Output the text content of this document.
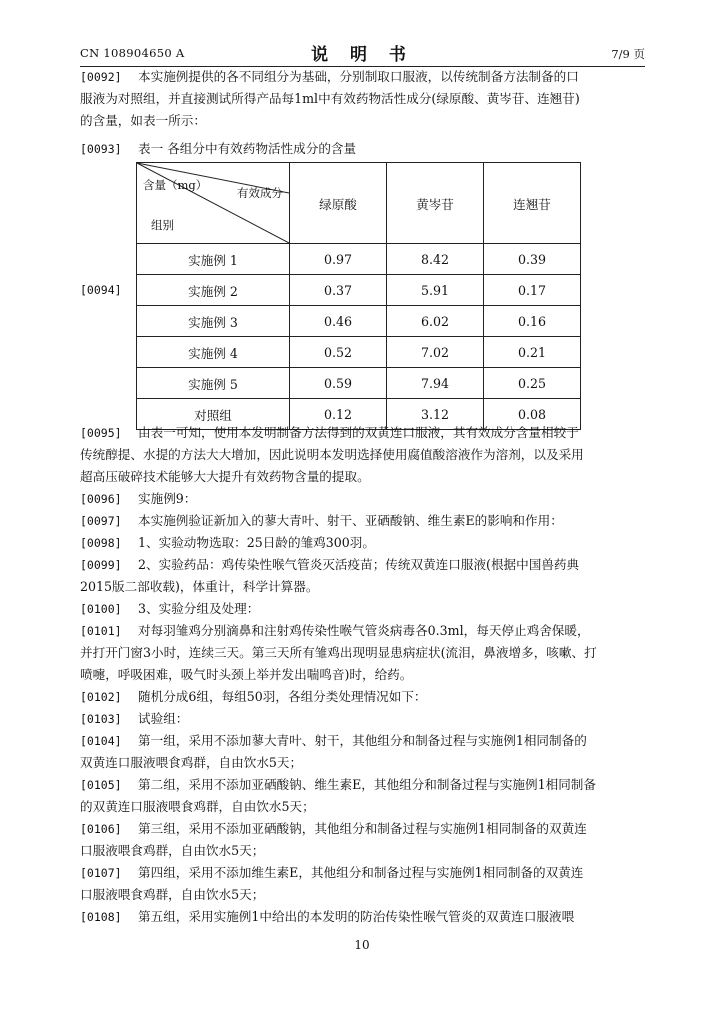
CN 108904650 A	说 明 书	7/9 页
[0092]	本实施例提供的各不同组分为基础，分别制取口服液，以传统制备方法制备的口
服液为对照组，并直接测试所得产品每1ml中有效药物活性成分(绿原酸、黄岑苷、连翘苷)
的含量，如表一所示：
[0093]	表一 各组分中有效药物活性成分的含量
[0094]
含量（mg）
有效成分
组别	绿原酸	黄岑苷	连翘苷
实施例 1	0.97	8.42	0.39
实施例 2	0.37	5.91	0.17
实施例 3	0.46	6.02	0.16
实施例 4	0.52	7.02	0.21
实施例 5	0.59	7.94	0.25
对照组	0.12	3.12	0.08
[0095]	由表一可知，使用本发明制备方法得到的双黄连口服液，其有效成分含量相较于
传统醇提、水提的方法大大增加，因此说明本发明选择使用腐值酸溶液作为溶剂，以及采用
超高压破碎技术能够大大提升有效药物含量的提取。
[0096]	实施例9：
[0097]	本实施例验证新加入的蓼大青叶、射干、亚硒酸钠、维生素E的影响和作用：
[0098]	1、实验动物选取：25日龄的雏鸡300羽。
[0099]	2、实验药品：鸡传染性喉气管炎灭活疫苗；传统双黄连口服液(根据中国兽药典
2015版二部收载)，体重计，科学计算器。
[0100]	3、实验分组及处理：
[0101]	对每羽雏鸡分别滴鼻和注射鸡传染性喉气管炎病毒各0.3ml，每天停止鸡舍保暖，
并打开门窗3小时，连续三天。第三天所有雏鸡出现明显患病症状(流泪，鼻液增多，咳嗽、打
喷嚏，呼吸困难，吸气时头颈上举并发出喘鸣音)时，给药。
[0102]	随机分成6组，每组50羽，各组分类处理情况如下：
[0103]	试验组：
[0104]	第一组，采用不添加蓼大青叶、射干，其他组分和制备过程与实施例1相同制备的
双黄连口服液喂食鸡群，自由饮水5天；
[0105]	第二组，采用不添加亚硒酸钠、维生素E，其他组分和制备过程与实施例1相同制备
的双黄连口服液喂食鸡群，自由饮水5天；
[0106]	第三组，采用不添加亚硒酸钠，其他组分和制备过程与实施例1相同制备的双黄连
口服液喂食鸡群，自由饮水5天；
[0107]	第四组，采用不添加维生素E，其他组分和制备过程与实施例1相同制备的双黄连
口服液喂食鸡群，自由饮水5天；
[0108]	第五组，采用实施例1中给出的本发明的防治传染性喉气管炎的双黄连口服液喂
10
